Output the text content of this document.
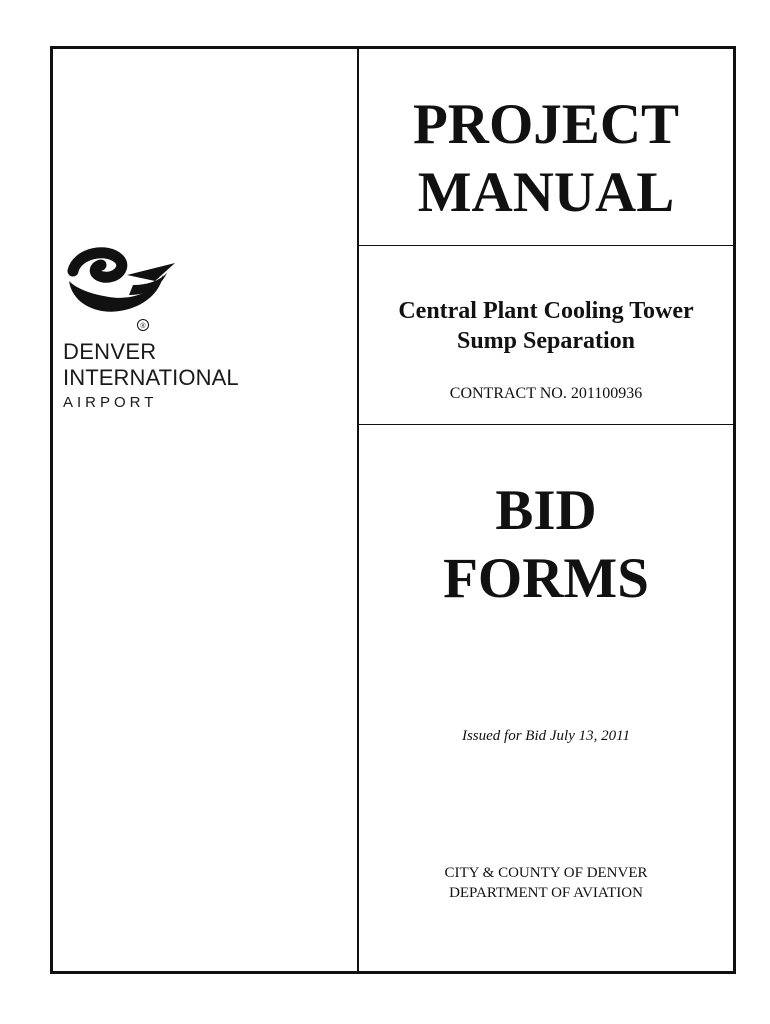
®
DENVER
INTERNATIONAL
AIRPORT
PROJECT
MANUAL
Central Plant Cooling Tower
Sump Separation
CONTRACT NO. 201100936
BID
FORMS
Issued for Bid July 13, 2011
CITY & COUNTY OF DENVER
DEPARTMENT OF AVIATION
